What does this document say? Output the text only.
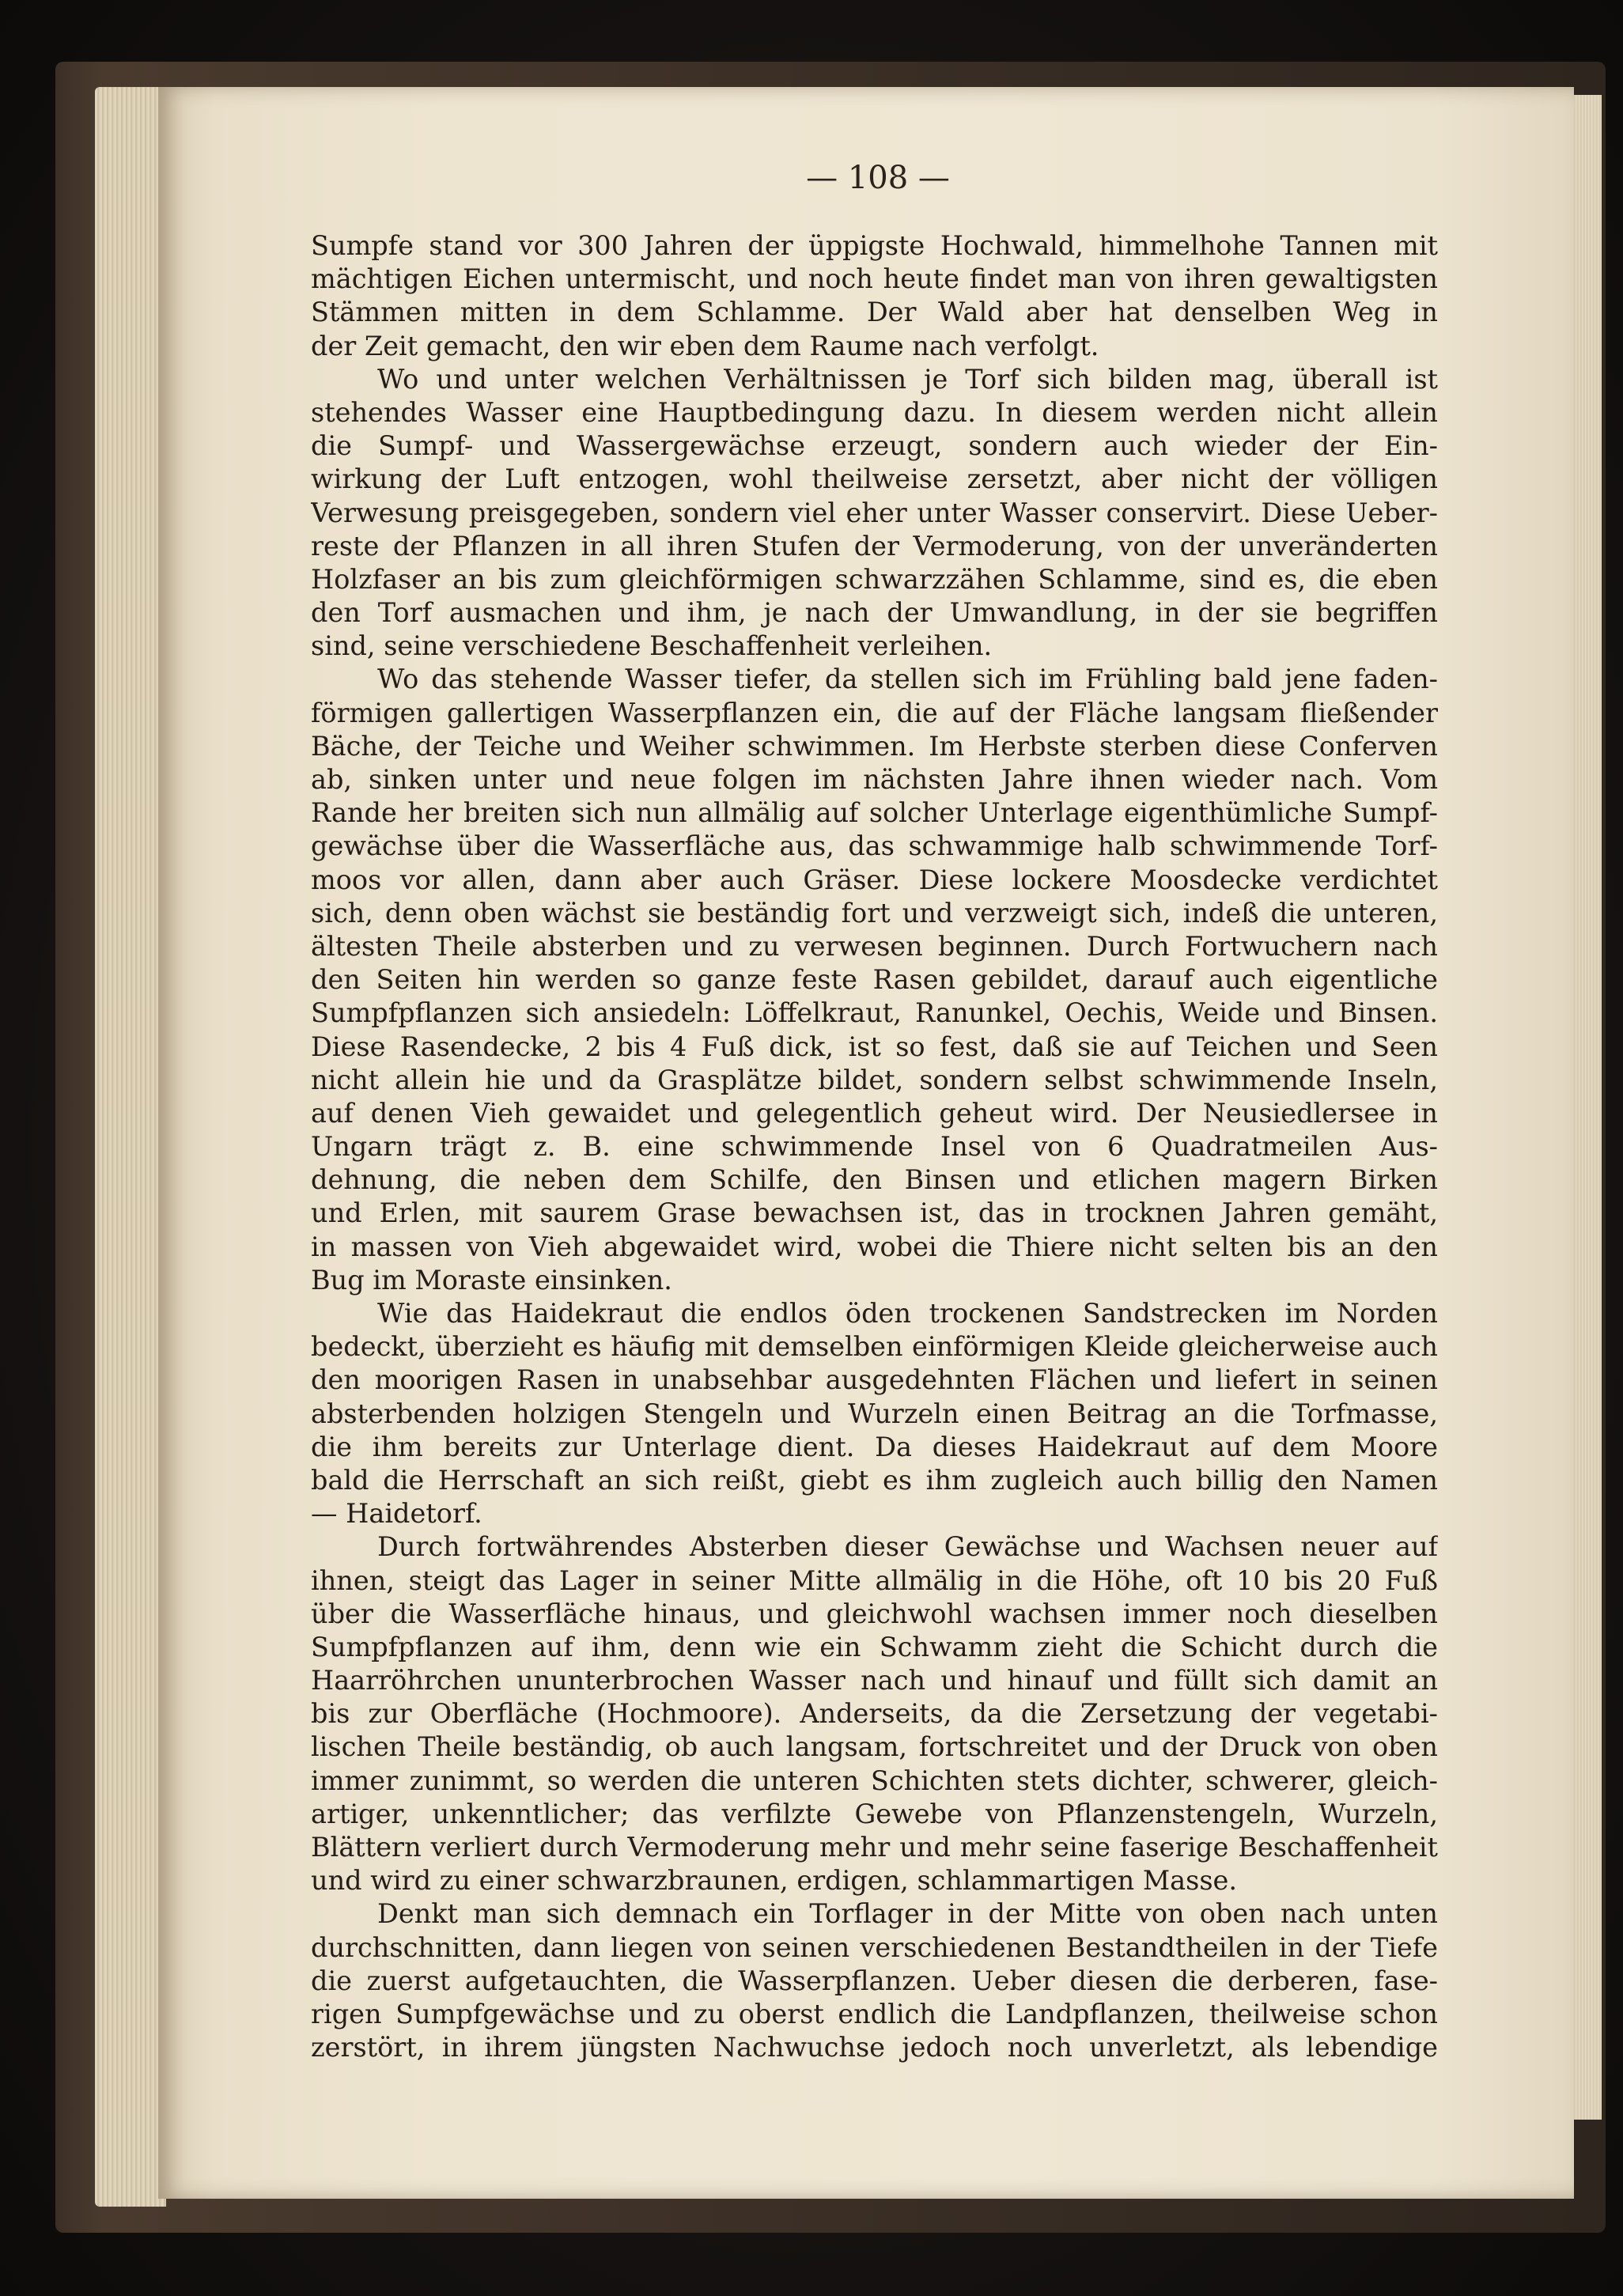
— 108 —
Sumpfe stand vor 300 Jahren der üppigste Hochwald, himmelhohe Tannen mit
mächtigen Eichen untermischt, und noch heute findet man von ihren gewaltigsten
Stämmen mitten in dem Schlamme. Der Wald aber hat denselben Weg in
der Zeit gemacht, den wir eben dem Raume nach verfolgt.
Wo und unter welchen Verhältnissen je Torf sich bilden mag, überall ist
stehendes Wasser eine Hauptbedingung dazu. In diesem werden nicht allein
die Sumpf- und Wassergewächse erzeugt, sondern auch wieder der Ein-
wirkung der Luft entzogen, wohl theilweise zersetzt, aber nicht der völligen
Verwesung preisgegeben, sondern viel eher unter Wasser conservirt. Diese Ueber-
reste der Pflanzen in all ihren Stufen der Vermoderung, von der unveränderten
Holzfaser an bis zum gleichförmigen schwarzzähen Schlamme, sind es, die eben
den Torf ausmachen und ihm, je nach der Umwandlung, in der sie begriffen
sind, seine verschiedene Beschaffenheit verleihen.
Wo das stehende Wasser tiefer, da stellen sich im Frühling bald jene faden-
förmigen gallertigen Wasserpflanzen ein, die auf der Fläche langsam fließender
Bäche, der Teiche und Weiher schwimmen. Im Herbste sterben diese Conferven
ab, sinken unter und neue folgen im nächsten Jahre ihnen wieder nach. Vom
Rande her breiten sich nun allmälig auf solcher Unterlage eigenthümliche Sumpf-
gewächse über die Wasserfläche aus, das schwammige halb schwimmende Torf-
moos vor allen, dann aber auch Gräser. Diese lockere Moosdecke verdichtet
sich, denn oben wächst sie beständig fort und verzweigt sich, indeß die unteren,
ältesten Theile absterben und zu verwesen beginnen. Durch Fortwuchern nach
den Seiten hin werden so ganze feste Rasen gebildet, darauf auch eigentliche
Sumpfpflanzen sich ansiedeln: Löffelkraut, Ranunkel, Oechis, Weide und Binsen.
Diese Rasendecke, 2 bis 4 Fuß dick, ist so fest, daß sie auf Teichen und Seen
nicht allein hie und da Grasplätze bildet, sondern selbst schwimmende Inseln,
auf denen Vieh gewaidet und gelegentlich geheut wird. Der Neusiedlersee in
Ungarn trägt z. B. eine schwimmende Insel von 6 Quadratmeilen Aus-
dehnung, die neben dem Schilfe, den Binsen und etlichen magern Birken
und Erlen, mit saurem Grase bewachsen ist, das in trocknen Jahren gemäht,
in massen von Vieh abgewaidet wird, wobei die Thiere nicht selten bis an den
Bug im Moraste einsinken.
Wie das Haidekraut die endlos öden trockenen Sandstrecken im Norden
bedeckt, überzieht es häufig mit demselben einförmigen Kleide gleicherweise auch
den moorigen Rasen in unabsehbar ausgedehnten Flächen und liefert in seinen
absterbenden holzigen Stengeln und Wurzeln einen Beitrag an die Torfmasse,
die ihm bereits zur Unterlage dient. Da dieses Haidekraut auf dem Moore
bald die Herrschaft an sich reißt, giebt es ihm zugleich auch billig den Namen
— Haidetorf.
Durch fortwährendes Absterben dieser Gewächse und Wachsen neuer auf
ihnen, steigt das Lager in seiner Mitte allmälig in die Höhe, oft 10 bis 20 Fuß
über die Wasserfläche hinaus, und gleichwohl wachsen immer noch dieselben
Sumpfpflanzen auf ihm, denn wie ein Schwamm zieht die Schicht durch die
Haarröhrchen ununterbrochen Wasser nach und hinauf und füllt sich damit an
bis zur Oberfläche (Hochmoore). Anderseits, da die Zersetzung der vegetabi-
lischen Theile beständig, ob auch langsam, fortschreitet und der Druck von oben
immer zunimmt, so werden die unteren Schichten stets dichter, schwerer, gleich-
artiger, unkenntlicher; das verfilzte Gewebe von Pflanzenstengeln, Wurzeln,
Blättern verliert durch Vermoderung mehr und mehr seine faserige Beschaffenheit
und wird zu einer schwarzbraunen, erdigen, schlammartigen Masse.
Denkt man sich demnach ein Torflager in der Mitte von oben nach unten
durchschnitten, dann liegen von seinen verschiedenen Bestandtheilen in der Tiefe
die zuerst aufgetauchten, die Wasserpflanzen. Ueber diesen die derberen, fase-
rigen Sumpfgewächse und zu oberst endlich die Landpflanzen, theilweise schon
zerstört, in ihrem jüngsten Nachwuchse jedoch noch unverletzt, als lebendige
